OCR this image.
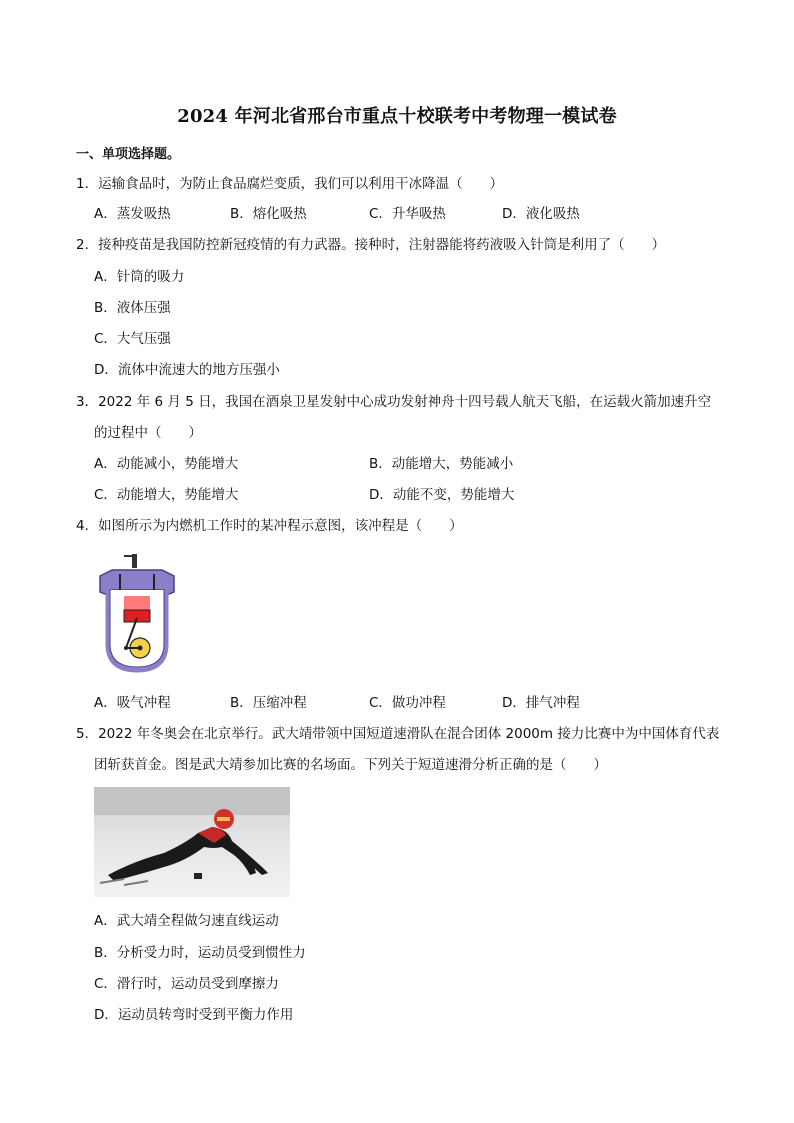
2024 年河北省邢台市重点十校联考中考物理一模试卷
一、单项选择题。
1．运输食品时，为防止食品腐烂变质，我们可以利用干冰降温（　　）
A．蒸发吸热	B．熔化吸热	C．升华吸热	D．液化吸热
2．接种疫苗是我国防控新冠疫情的有力武器。接种时，注射器能将药液吸入针筒是利用了（　　）
A．针筒的吸力
B．液体压强
C．大气压强
D．流体中流速大的地方压强小
3．2022 年 6 月 5 日，我国在酒泉卫星发射中心成功发射神舟十四号载人航天飞船，在运载火箭加速升空
的过程中（　　）
A．动能减小，势能增大	B．动能增大，势能减小
C．动能增大，势能增大	D．动能不变，势能增大
4．如图所示为内燃机工作时的某冲程示意图，该冲程是（　　）
A．吸气冲程	B．压缩冲程	C．做功冲程	D．排气冲程
5．2022 年冬奥会在北京举行。武大靖带领中国短道速滑队在混合团体 2000m 接力比赛中为中国体育代表
团斩获首金。图是武大靖参加比赛的名场面。下列关于短道速滑分析正确的是（　　）
A．武大靖全程做匀速直线运动
B．分析受力时，运动员受到惯性力
C．滑行时，运动员受到摩擦力
D．运动员转弯时受到平衡力作用
